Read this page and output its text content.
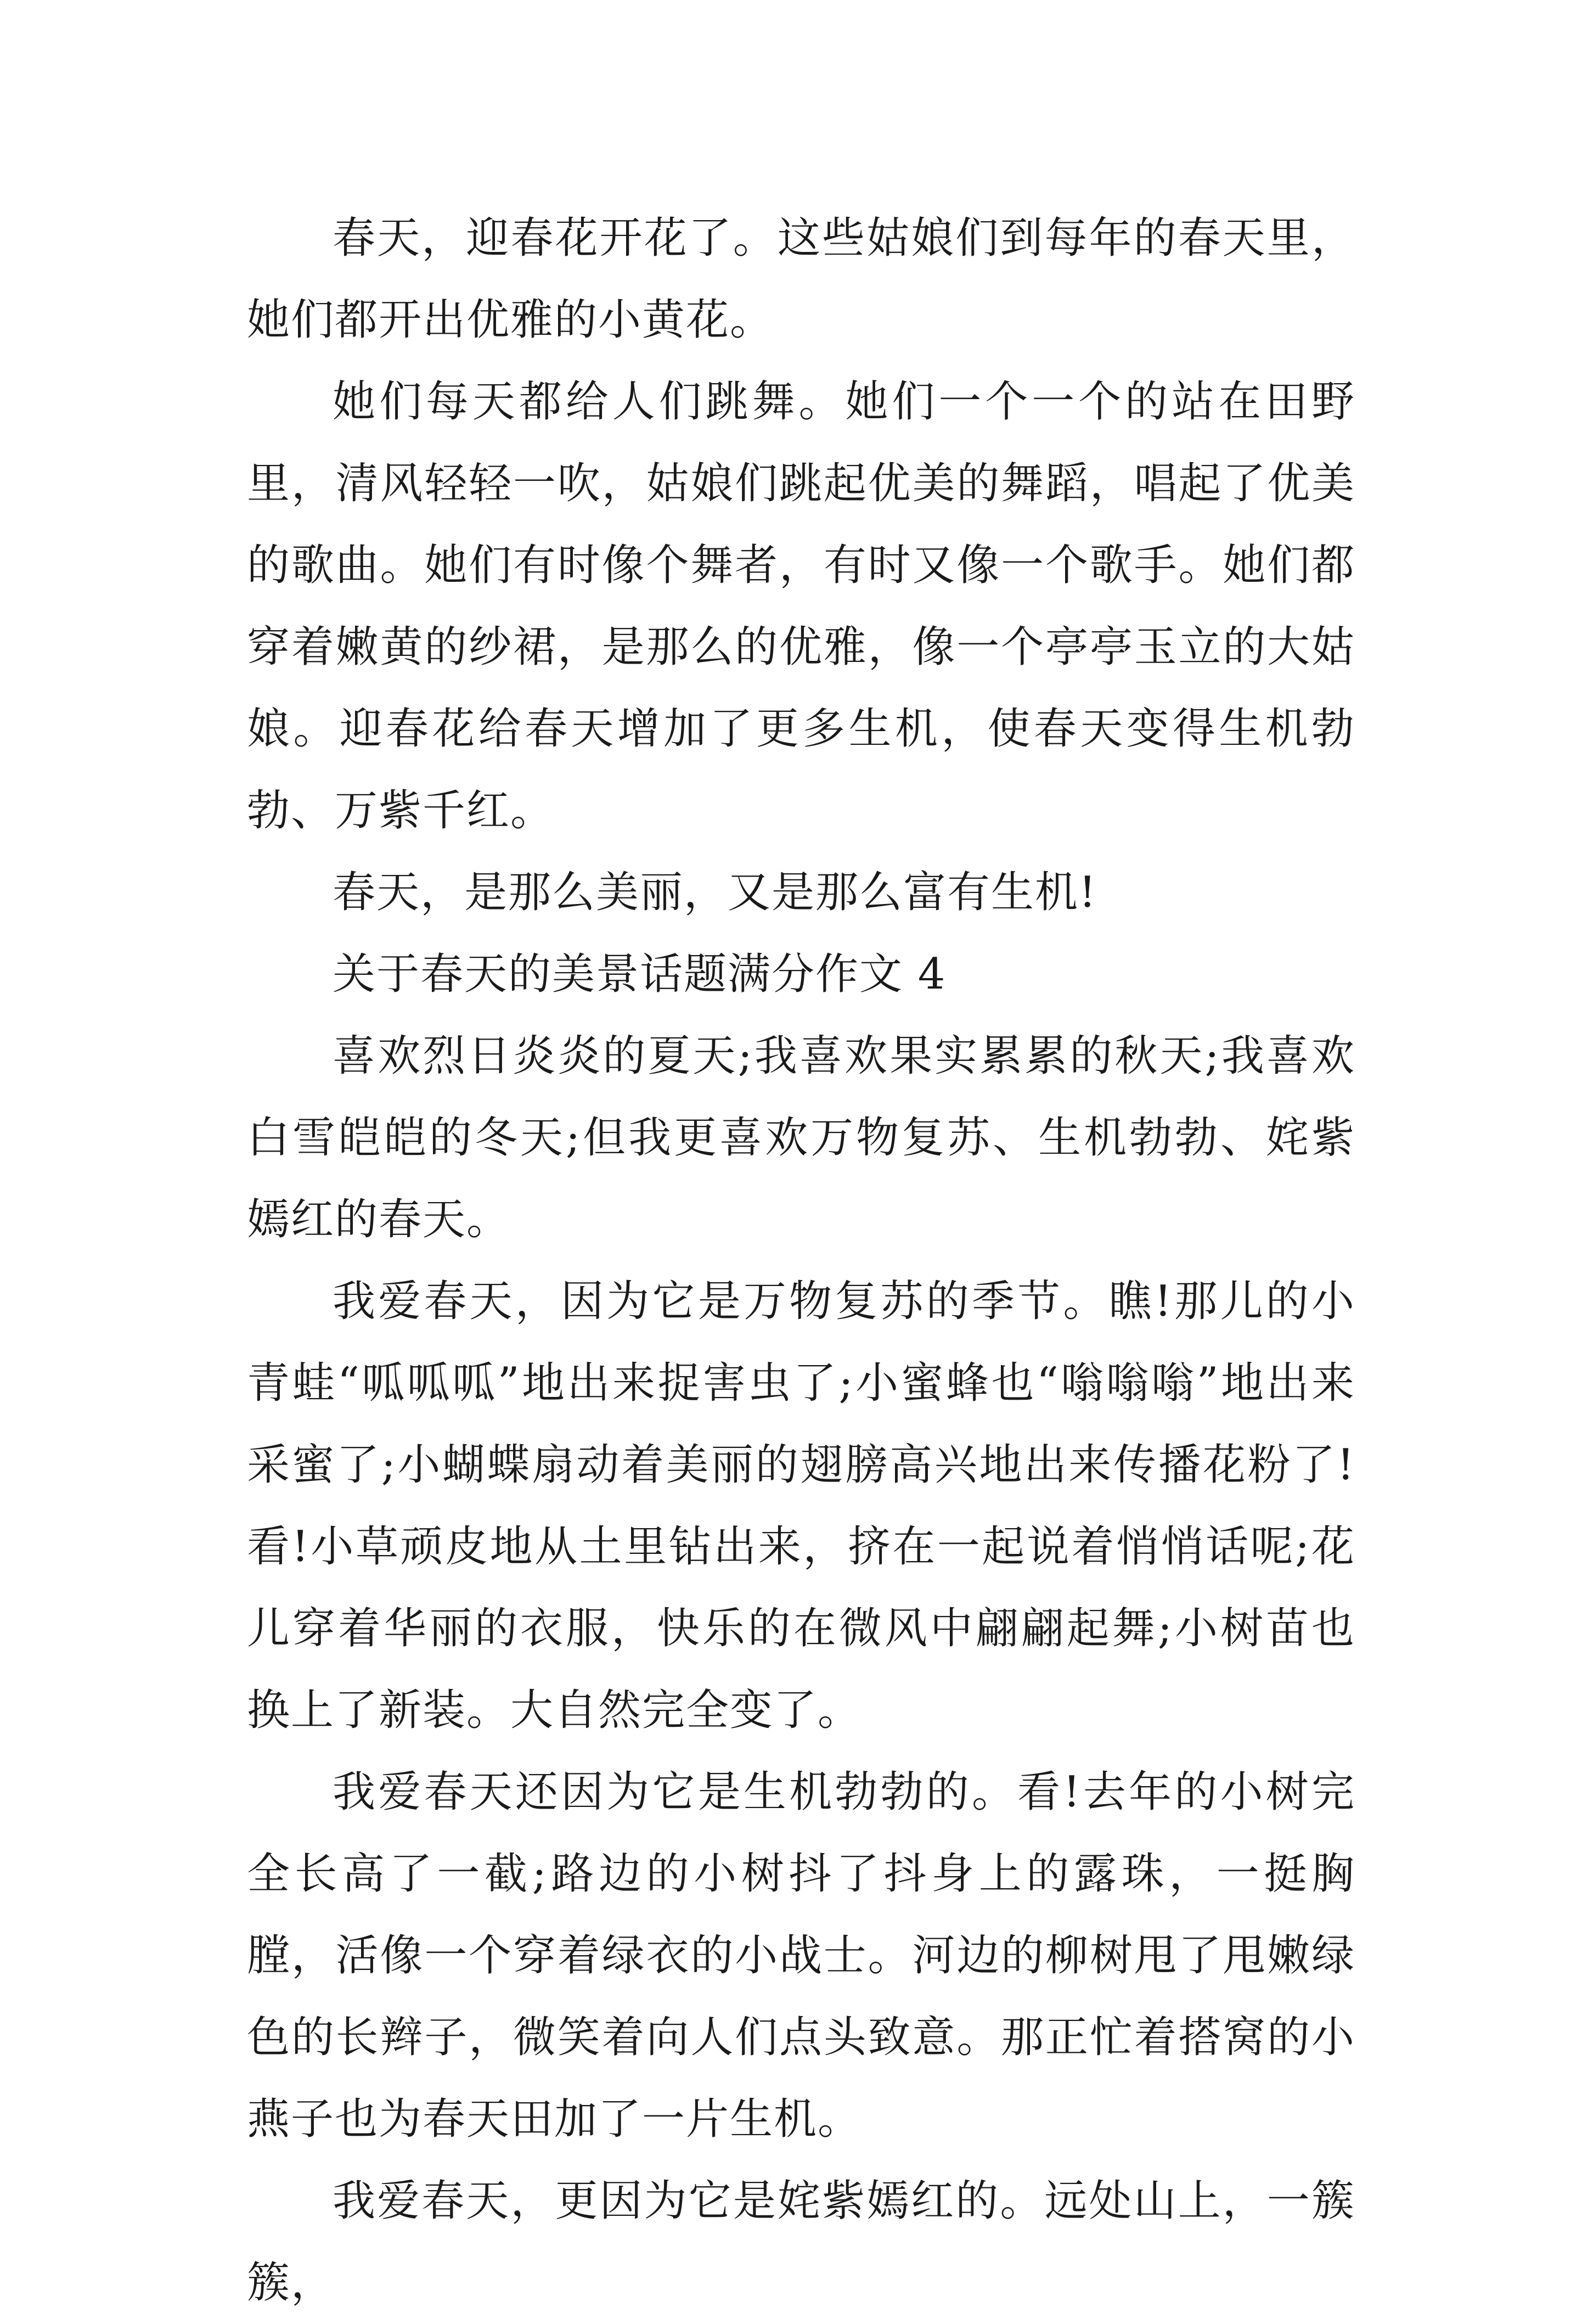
春天，迎春花开花了。这些姑娘们到每年的春天里，她们都开出优雅的小黄花。

她们每天都给人们跳舞。她们一个一个的站在田野里，清风轻轻一吹，姑娘们跳起优美的舞蹈，唱起了优美的歌曲。她们有时像个舞者，有时又像一个歌手。她们都穿着嫩黄的纱裙，是那么的优雅，像一个亭亭玉立的大姑娘。迎春花给春天增加了更多生机，使春天变得生机勃勃、万紫千红。

春天，是那么美丽，又是那么富有生机!

关于春天的美景话题满分作文 4

喜欢烈日炎炎的夏天;我喜欢果实累累的秋天;我喜欢白雪皑皑的冬天;但我更喜欢万物复苏、生机勃勃、姹紫嫣红的春天。

我爱春天，因为它是万物复苏的季节。瞧!那儿的小青蛙“呱呱呱”地出来捉害虫了;小蜜蜂也“嗡嗡嗡”地出来采蜜了;小蝴蝶扇动着美丽的翅膀高兴地出来传播花粉了!看!小草顽皮地从土里钻出来，挤在一起说着悄悄话呢;花儿穿着华丽的衣服，快乐的在微风中翩翩起舞;小树苗也换上了新装。大自然完全变了。

我爱春天还因为它是生机勃勃的。看!去年的小树完全长高了一截;路边的小树抖了抖身上的露珠，一挺胸膛，活像一个穿着绿衣的小战士。河边的柳树甩了甩嫩绿色的长辫子，微笑着向人们点头致意。那正忙着搭窝的小燕子也为春天田加了一片生机。

我爱春天，更因为它是姹紫嫣红的。远处山上，一簇簇，
